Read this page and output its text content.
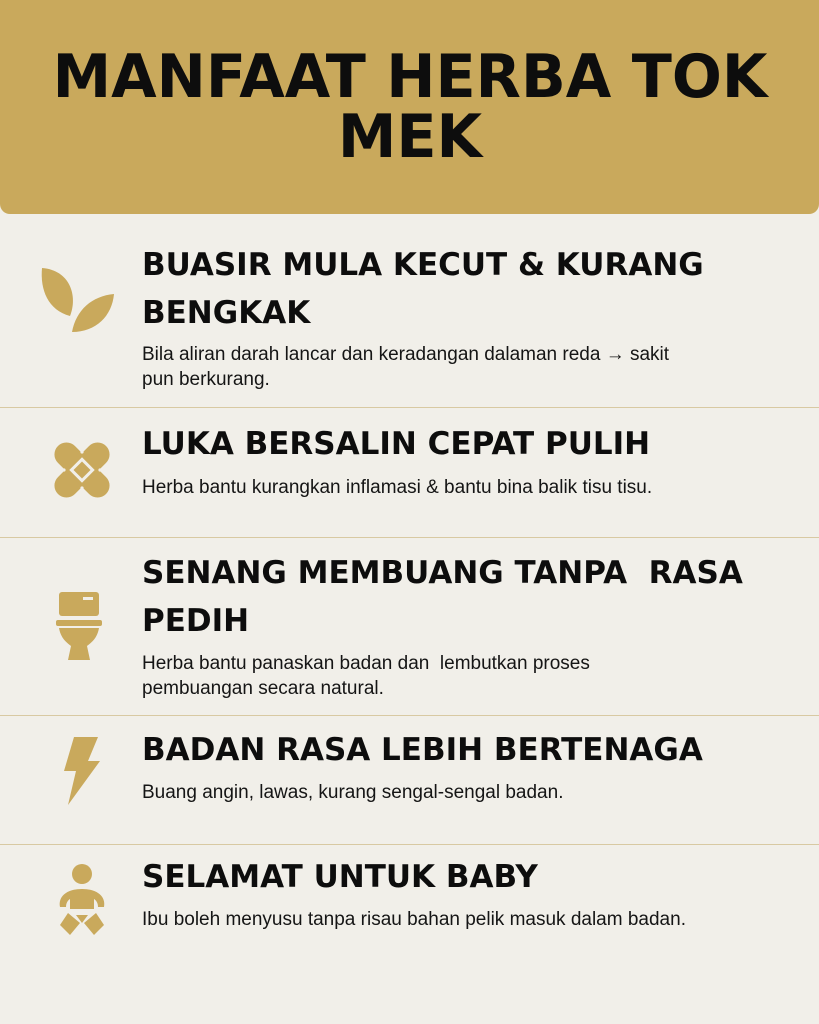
MANFAAT HERBA TOK MEK
BUASIR MULA KECUT & KURANG BENGKAK
Bila aliran darah lancar dan keradangan dalaman reda → sakit pun berkurang.
LUKA BERSALIN CEPAT PULIH
Herba bantu kurangkan inflamasi & bantu bina balik tisu tisu.
SENANG MEMBUANG TANPA  RASA PEDIH
Herba bantu panaskan badan dan  lembutkan proses pembuangan secara natural.
BADAN RASA LEBIH BERTENAGA
Buang angin, lawas, kurang sengal-sengal badan.
SELAMAT UNTUK BABY
Ibu boleh menyusu tanpa risau bahan pelik masuk dalam badan.
